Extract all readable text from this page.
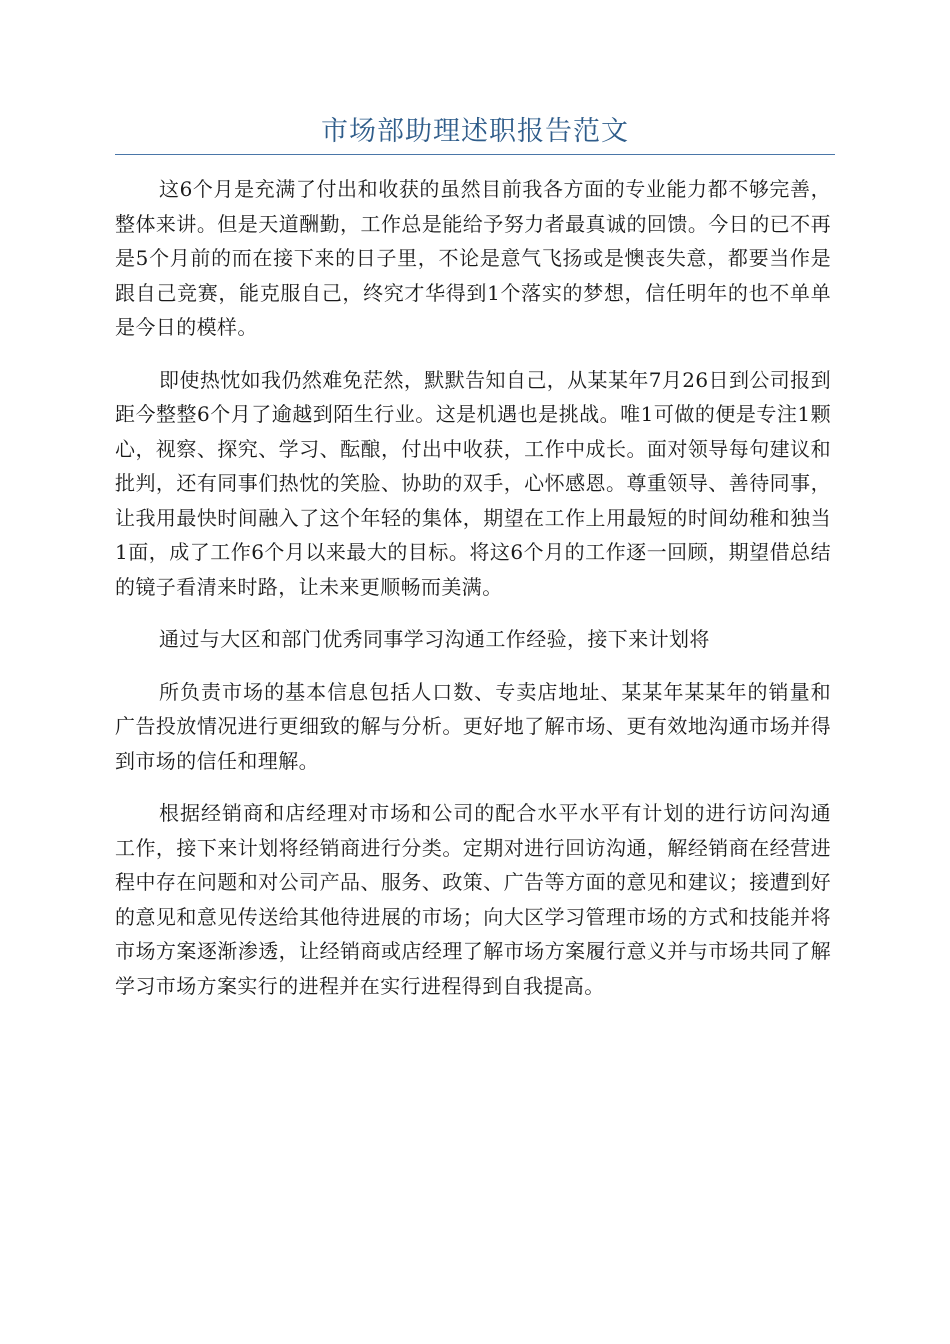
市场部助理述职报告范文

这6个月是充满了付出和收获的虽然目前我各方面的专业能力都不够完善，整体来讲。但是天道酬勤，工作总是能给予努力者最真诚的回馈。今日的已不再是5个月前的而在接下来的日子里，不论是意气飞扬或是懊丧失意，都要当作是跟自己竞赛，能克服自己，终究才华得到1个落实的梦想，信任明年的也不单单是今日的模样。

即使热忱如我仍然难免茫然，默默告知自己，从某某年7月26日到公司报到距今整整6个月了逾越到陌生行业。这是机遇也是挑战。唯1可做的便是专注1颗心，视察、探究、学习、酝酿，付出中收获，工作中成长。面对领导每句建议和批判，还有同事们热忱的笑脸、协助的双手，心怀感恩。尊重领导、善待同事，让我用最快时间融入了这个年轻的集体，期望在工作上用最短的时间幼稚和独当1面，成了工作6个月以来最大的目标。将这6个月的工作逐一回顾，期望借总结的镜子看清来时路，让未来更顺畅而美满。

通过与大区和部门优秀同事学习沟通工作经验，接下来计划将

所负责市场的基本信息包括人口数、专卖店地址、某某年某某年的销量和广告投放情况进行更细致的解与分析。更好地了解市场、更有效地沟通市场并得到市场的信任和理解。

根据经销商和店经理对市场和公司的配合水平水平有计划的进行访问沟通工作，接下来计划将经销商进行分类。定期对进行回访沟通，解经销商在经营进程中存在问题和对公司产品、服务、政策、广告等方面的意见和建议；接遭到好的意见和意见传送给其他待进展的市场；向大区学习管理市场的方式和技能并将市场方案逐渐渗透，让经销商或店经理了解市场方案履行意义并与市场共同了解学习市场方案实行的进程并在实行进程得到自我提高。
